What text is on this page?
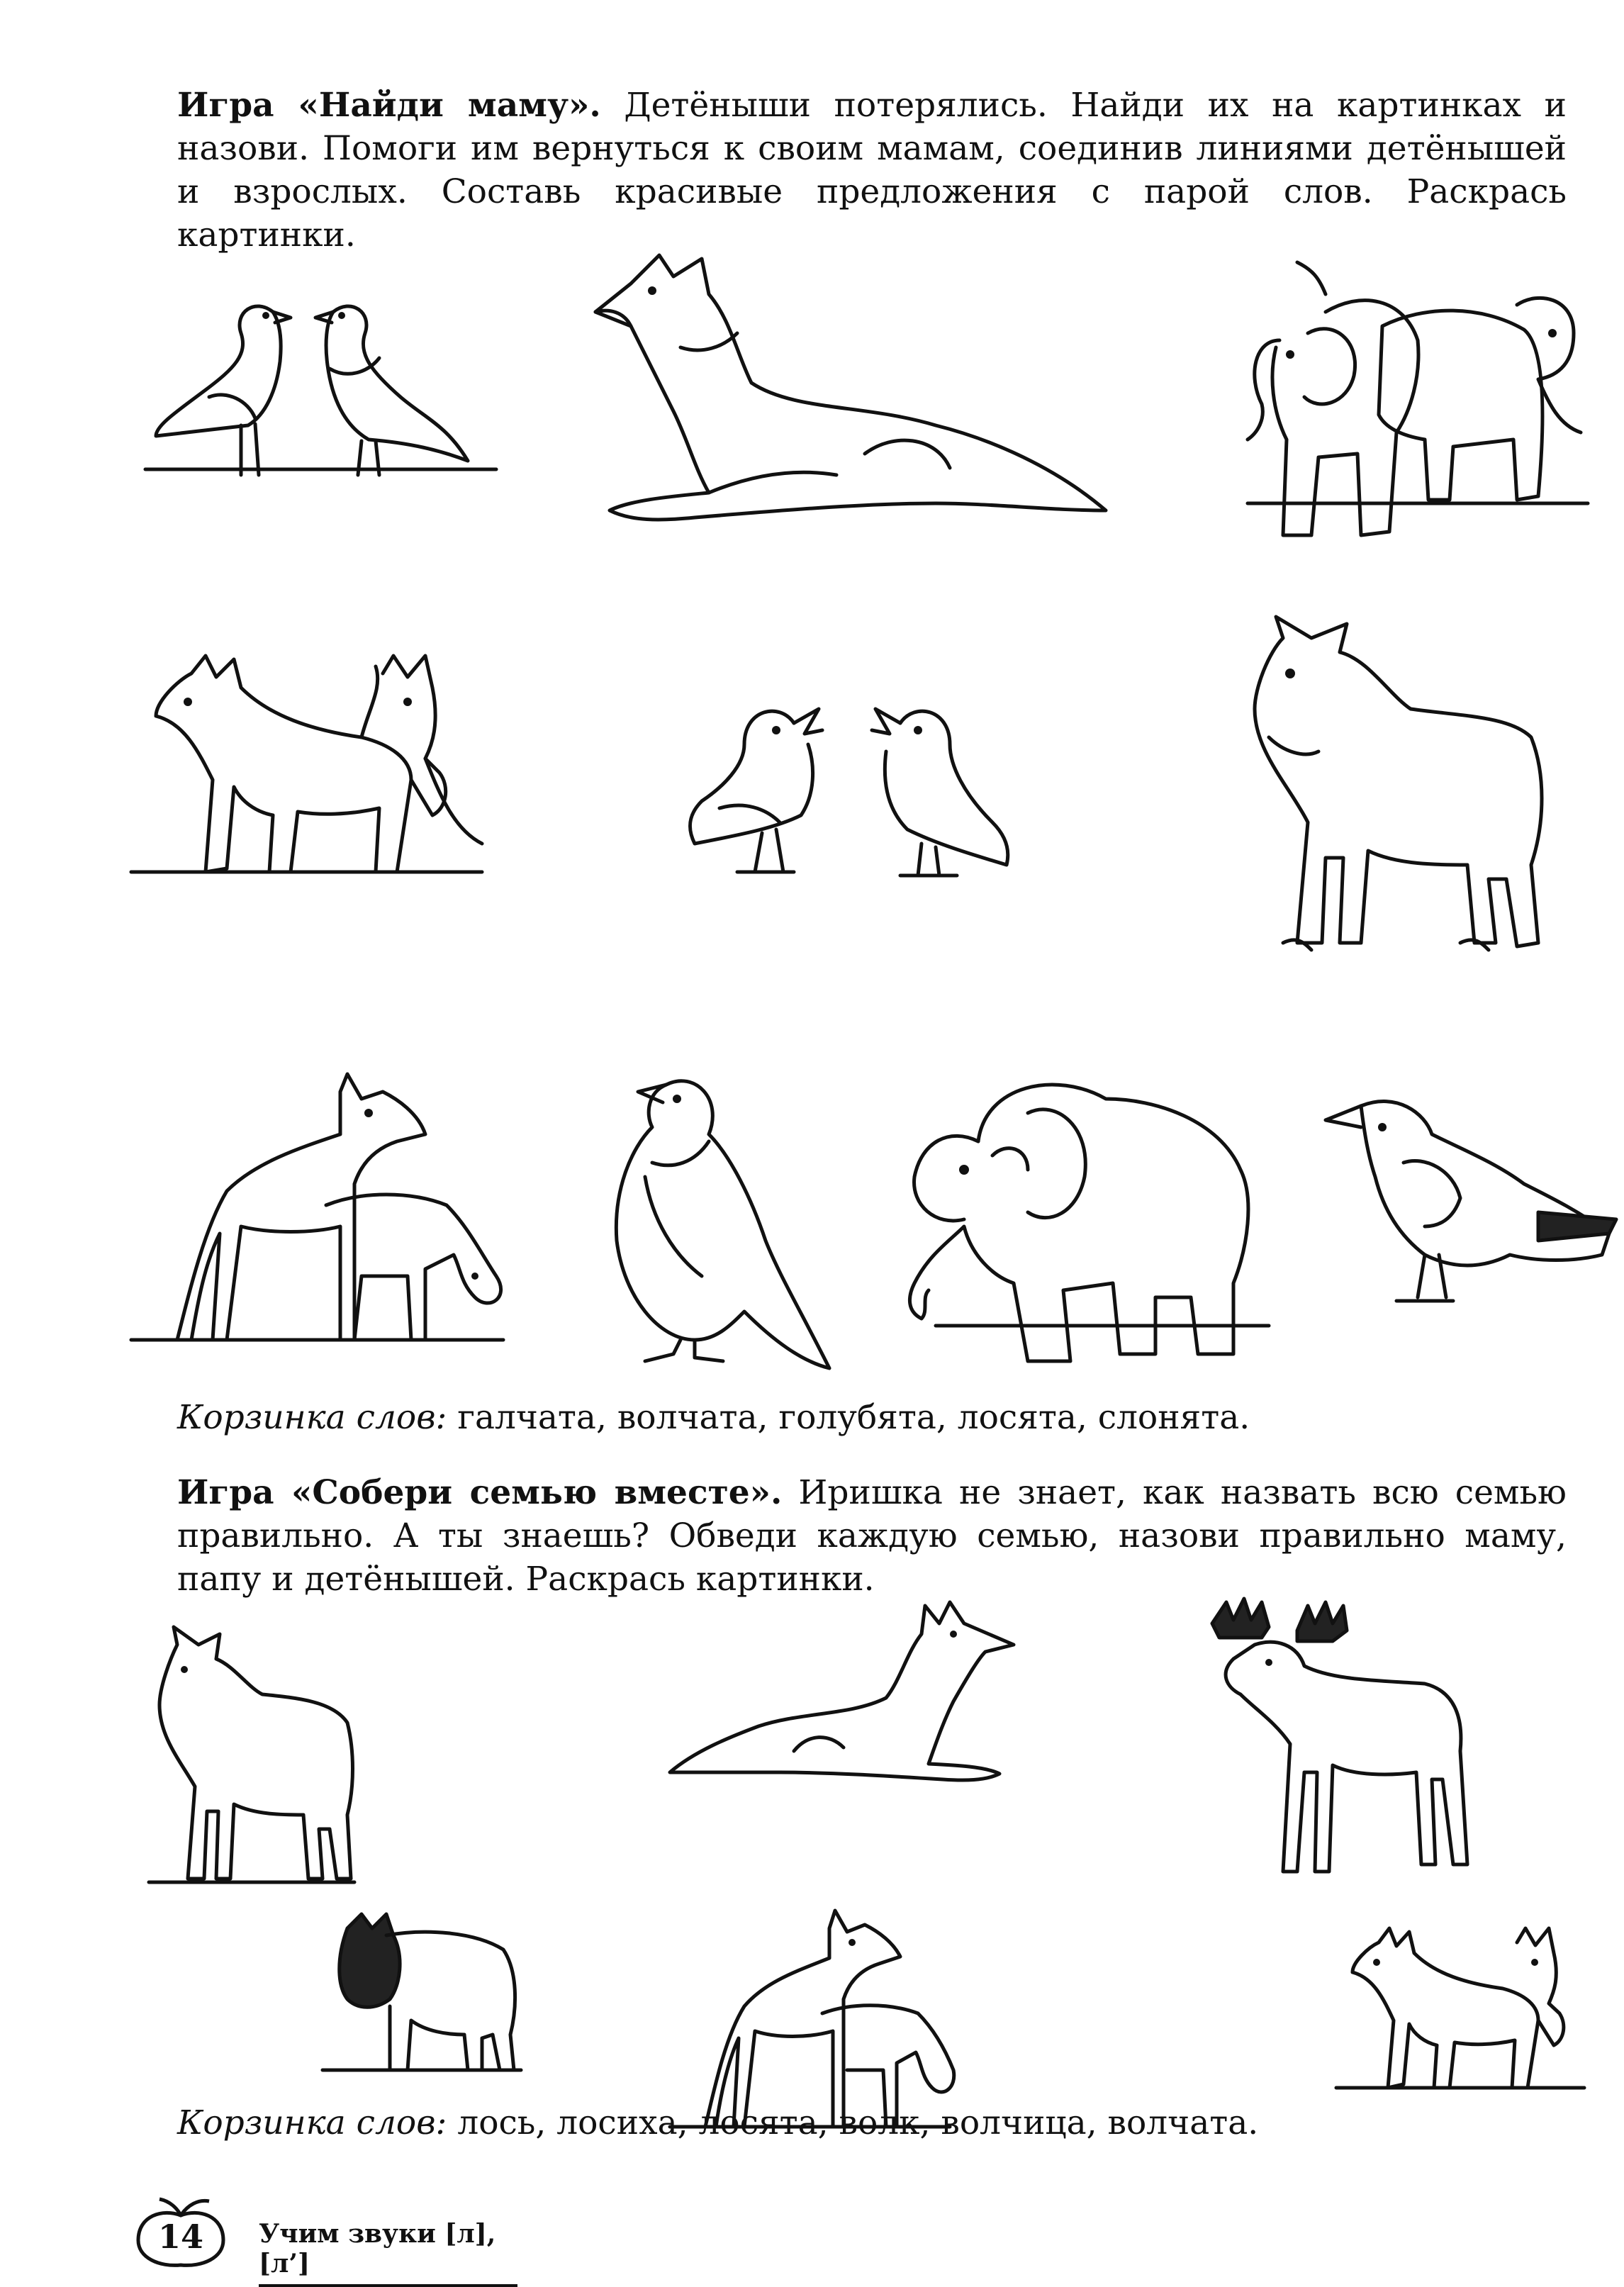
Игра «Найди маму». Детёныши потерялись. Найди их на картинках и назови. Помоги им вернуться к своим мамам, соединив линиями детёнышей и взрослых. Составь красивые предложения с парой слов. Раскрась картинки.

Корзинка слов: галчата, волчата, голубята, лосята, слонята.

Игра «Собери семью вместе». Иришка не знает, как назвать всю семью правильно. А ты знаешь? Обведи каждую семью, назови правильно маму, папу и детёнышей. Раскрась картинки.

Корзинка слов: лось, лосиха, лосята, волк, волчица, волчата.

14	Учим звуки [л], [л’]
